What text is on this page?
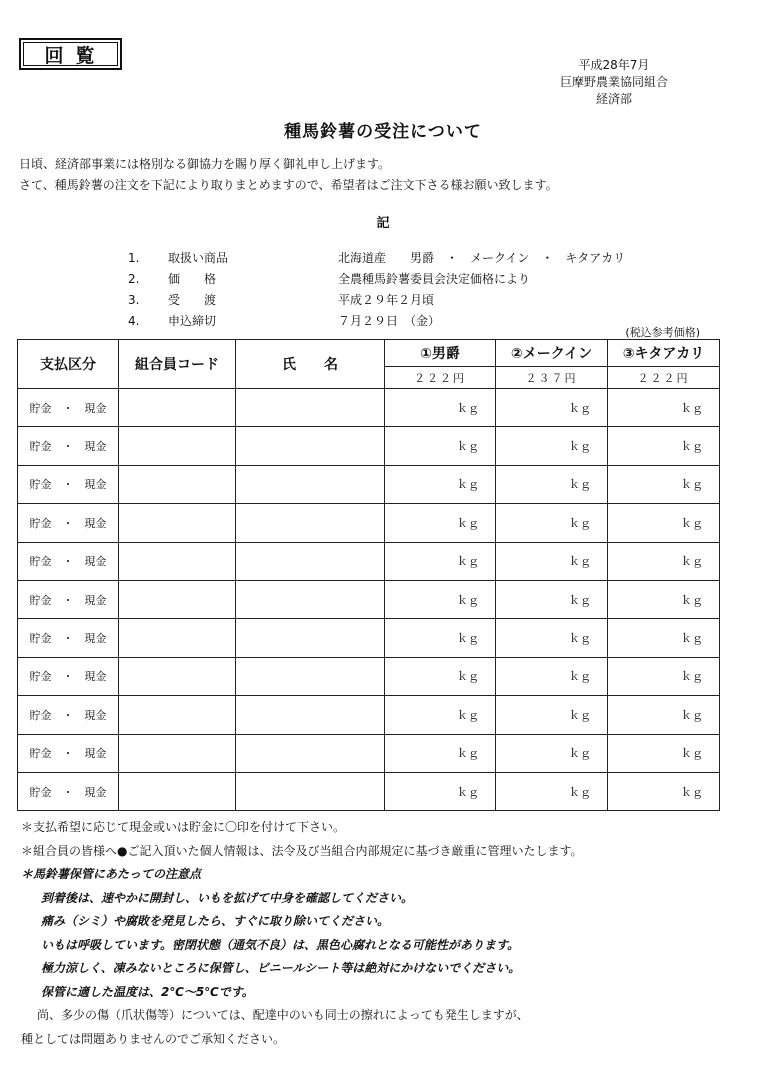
回覧	平成28年7月
巨摩野農業協同組合
経済部
種馬鈴薯の受注について
日頃、経済部事業には格別なる御協力を賜り厚く御礼申し上げます。
さて、種馬鈴薯の注文を下記により取りまとめますので、希望者はご注文下さる様お願い致します。
記
1.	取扱い商品	北海道産　　男爵　・　メークイン　・　キタアカリ
2.	価　　格	全農種馬鈴薯委員会決定価格により
3.	受　　渡	平成２９年２月頃
4.	申込締切	７月２９日　（金）
(税込参考価格)
支払区分	組合員コード	氏　　名	①男爵	②メークイン	③キタアカリ
			２２２円	２３７円	２２２円
貯金　・　現金			ｋｇ	ｋｇ	ｋｇ
貯金　・　現金			ｋｇ	ｋｇ	ｋｇ
貯金　・　現金			ｋｇ	ｋｇ	ｋｇ
貯金　・　現金			ｋｇ	ｋｇ	ｋｇ
貯金　・　現金			ｋｇ	ｋｇ	ｋｇ
貯金　・　現金			ｋｇ	ｋｇ	ｋｇ
貯金　・　現金			ｋｇ	ｋｇ	ｋｇ
貯金　・　現金			ｋｇ	ｋｇ	ｋｇ
貯金　・　現金			ｋｇ	ｋｇ	ｋｇ
貯金　・　現金			ｋｇ	ｋｇ	ｋｇ
貯金　・　現金			ｋｇ	ｋｇ	ｋｇ
＊支払希望に応じて現金或いは貯金に〇印を付けて下さい。
＊組合員の皆様へ●ご記入頂いた個人情報は、法令及び当組合内部規定に基づき厳重に管理いたします。
＊馬鈴薯保管にあたっての注意点
到着後は、速やかに開封し、いもを拡げて中身を確認してください。
痛み（シミ）や腐敗を発見したら、すぐに取り除いてください。
いもは呼吸しています。密閉状態（通気不良）は、黒色心腐れとなる可能性があります。
極力涼しく、凍みないところに保管し、ビニールシート等は絶対にかけないでください。
保管に適した温度は、2℃～5℃です。
尚、多少の傷（爪状傷等）については、配達中のいも同士の擦れによっても発生しますが、
種としては問題ありませんのでご承知ください。
